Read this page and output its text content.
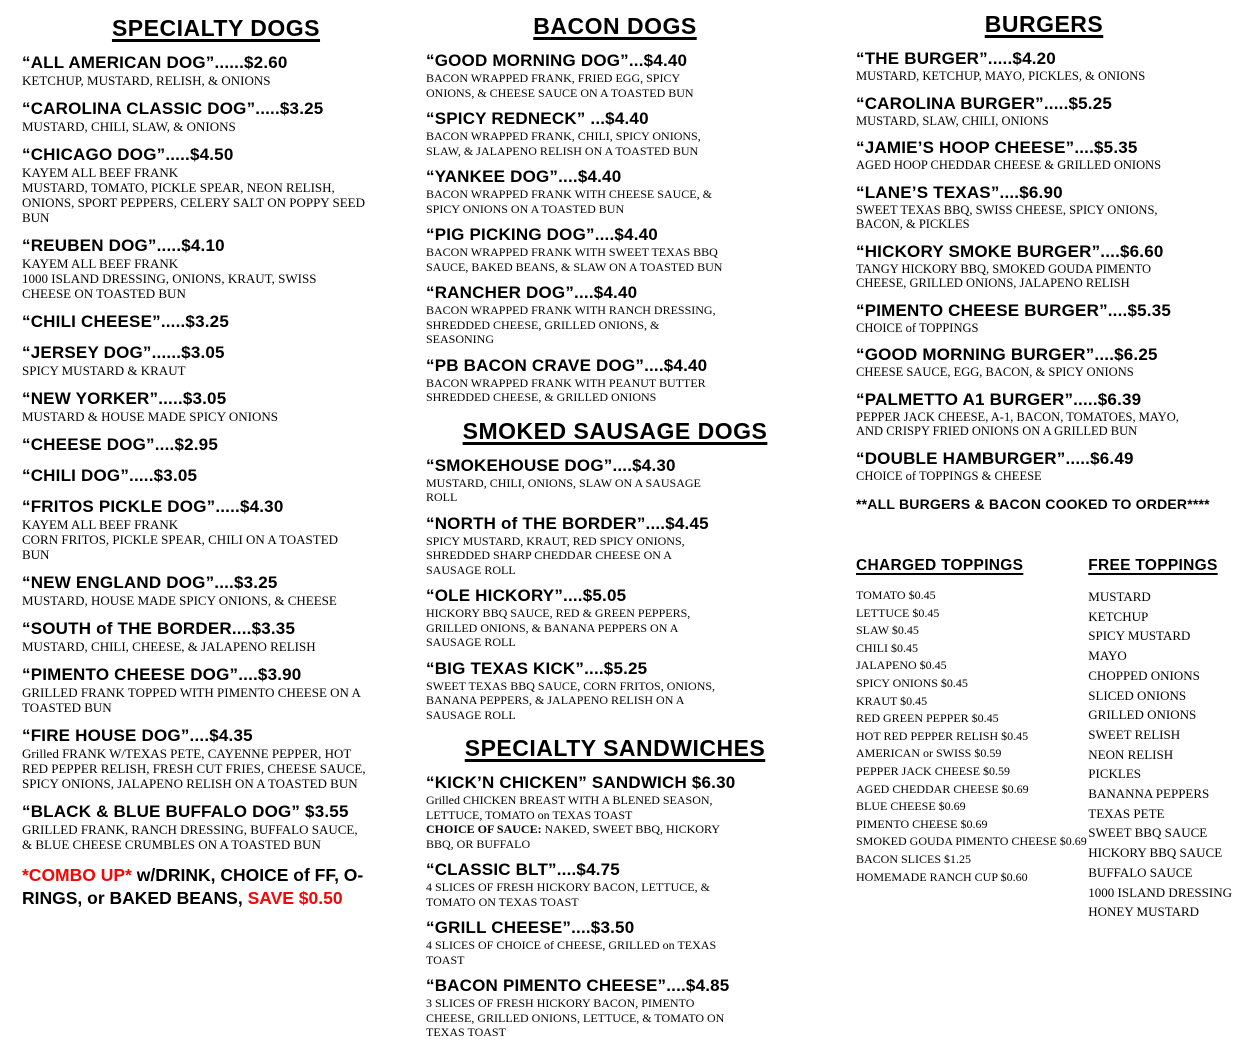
SPECIALTY DOGS
“ALL AMERICAN DOG”......$2.60
KETCHUP, MUSTARD, RELISH, & ONIONS
“CAROLINA CLASSIC DOG”.....$3.25
MUSTARD, CHILI, SLAW, & ONIONS
“CHICAGO DOG”.....$4.50
KAYEM ALL BEEF FRANK
MUSTARD, TOMATO, PICKLE SPEAR, NEON RELISH, ONIONS, SPORT PEPPERS, CELERY SALT ON POPPY SEED BUN
“REUBEN DOG”.....$4.10
KAYEM ALL BEEF FRANK
1000 ISLAND DRESSING, ONIONS, KRAUT, SWISS CHEESE ON TOASTED BUN
“CHILI CHEESE”.....$3.25
“JERSEY DOG”......$3.05
SPICY MUSTARD & KRAUT
“NEW YORKER”.....$3.05
MUSTARD & HOUSE MADE SPICY ONIONS
“CHEESE DOG”....$2.95
“CHILI DOG”.....$3.05
“FRITOS PICKLE DOG”.....$4.30
KAYEM ALL BEEF FRANK
CORN FRITOS, PICKLE SPEAR, CHILI ON A TOASTED BUN
“NEW ENGLAND DOG”....$3.25
MUSTARD, HOUSE MADE SPICY ONIONS, & CHEESE
“SOUTH of THE BORDER....$3.35
MUSTARD, CHILI, CHEESE, & JALAPENO RELISH
“PIMENTO CHEESE DOG”....$3.90
GRILLED FRANK TOPPED WITH PIMENTO CHEESE ON A TOASTED BUN
“FIRE HOUSE DOG”....$4.35
Grilled FRANK W/TEXAS PETE, CAYENNE PEPPER, HOT RED PEPPER RELISH, FRESH CUT FRIES, CHEESE SAUCE, SPICY ONIONS, JALAPENO RELISH ON A TOASTED BUN
“BLACK & BLUE BUFFALO DOG” $3.55
GRILLED FRANK, RANCH DRESSING, BUFFALO SAUCE, & BLUE CHEESE CRUMBLES ON A TOASTED BUN
*COMBO UP* w/DRINK, CHOICE of FF, O-RINGS, or BAKED BEANS, SAVE $0.50
BACON DOGS
“GOOD MORNING DOG”...$4.40
BACON WRAPPED FRANK, FRIED EGG, SPICY ONIONS, & CHEESE SAUCE ON A TOASTED BUN
“SPICY REDNECK” ...$4.40
BACON WRAPPED FRANK, CHILI, SPICY ONIONS, SLAW, & JALAPENO RELISH ON A TOASTED BUN
“YANKEE DOG”....$4.40
BACON WRAPPED FRANK WITH CHEESE SAUCE, & SPICY ONIONS ON A TOASTED BUN
“PIG PICKING DOG”....$4.40
BACON WRAPPED FRANK WITH SWEET TEXAS BBQ SAUCE, BAKED BEANS, & SLAW ON A TOASTED BUN
“RANCHER DOG”....$4.40
BACON WRAPPED FRANK WITH RANCH DRESSING, SHREDDED CHEESE, GRILLED ONIONS, & SEASONING
“PB BACON CRAVE DOG”....$4.40
BACON WRAPPED FRANK WITH PEANUT BUTTER SHREDDED CHEESE, & GRILLED ONIONS
SMOKED SAUSAGE DOGS
“SMOKEHOUSE DOG”....$4.30
MUSTARD, CHILI, ONIONS, SLAW ON A SAUSAGE ROLL
“NORTH of THE BORDER”....$4.45
SPICY MUSTARD, KRAUT, RED SPICY ONIONS, SHREDDED SHARP CHEDDAR CHEESE ON A SAUSAGE ROLL
“OLE HICKORY”....$5.05
HICKORY BBQ SAUCE, RED & GREEN PEPPERS, GRILLED ONIONS, & BANANA PEPPERS ON A SAUSAGE ROLL
“BIG TEXAS KICK”....$5.25
SWEET TEXAS BBQ SAUCE, CORN FRITOS, ONIONS, BANANA PEPPERS, & JALAPENO RELISH ON A SAUSAGE ROLL
SPECIALTY SANDWICHES
“KICK’N CHICKEN” SANDWICH $6.30
Grilled CHICKEN BREAST WITH A BLENED SEASON, LETTUCE, TOMATO on TEXAS TOAST
CHOICE OF SAUCE: NAKED, SWEET BBQ, HICKORY BBQ, OR BUFFALO
“CLASSIC BLT”....$4.75
4 SLICES OF FRESH HICKORY BACON, LETTUCE, & TOMATO ON TEXAS TOAST
“GRILL CHEESE”....$3.50
4 SLICES OF CHOICE of CHEESE, GRILLED on TEXAS TOAST
“BACON PIMENTO CHEESE”....$4.85
3 SLICES OF FRESH HICKORY BACON, PIMENTO CHEESE, GRILLED ONIONS, LETTUCE, & TOMATO ON TEXAS TOAST
BURGERS
“THE BURGER”.....$4.20
MUSTARD, KETCHUP, MAYO, PICKLES, & ONIONS
“CAROLINA BURGER”.....$5.25
MUSTARD, SLAW, CHILI, ONIONS
“JAMIE’S HOOP CHEESE”....$5.35
AGED HOOP CHEDDAR CHEESE & GRILLED ONIONS
“LANE’S TEXAS”....$6.90
SWEET TEXAS BBQ, SWISS CHEESE, SPICY ONIONS, BACON, & PICKLES
“HICKORY SMOKE BURGER”....$6.60
TANGY HICKORY BBQ, SMOKED GOUDA PIMENTO CHEESE, GRILLED ONIONS, JALAPENO RELISH
“PIMENTO CHEESE BURGER”....$5.35
CHOICE of TOPPINGS
“GOOD MORNING BURGER”....$6.25
CHEESE SAUCE, EGG, BACON, & SPICY ONIONS
“PALMETTO A1 BURGER”.....$6.39
PEPPER JACK CHEESE, A-1, BACON, TOMATOES, MAYO, AND CRISPY FRIED ONIONS ON A GRILLED BUN
“DOUBLE HAMBURGER”.....$6.49
CHOICE of TOPPINGS & CHEESE
**ALL BURGERS & BACON COOKED TO ORDER****
CHARGED TOPPINGS
TOMATO $0.45
LETTUCE $0.45
SLAW $0.45
CHILI $0.45
JALAPENO $0.45
SPICY ONIONS $0.45
KRAUT $0.45
RED GREEN PEPPER $0.45
HOT RED PEPPER RELISH $0.45
AMERICAN or SWISS $0.59
PEPPER JACK CHEESE $0.59
AGED CHEDDAR CHEESE $0.69
BLUE CHEESE $0.69
PIMENTO CHEESE $0.69
SMOKED GOUDA PIMENTO CHEESE $0.69
BACON SLICES $1.25
HOMEMADE RANCH CUP $0.60
FREE TOPPINGS
MUSTARD
KETCHUP
SPICY MUSTARD
MAYO
CHOPPED ONIONS
SLICED ONIONS
GRILLED ONIONS
SWEET RELISH
NEON RELISH
PICKLES
BANANNA PEPPERS
TEXAS PETE
SWEET BBQ SAUCE
HICKORY BBQ SAUCE
BUFFALO SAUCE
1000 ISLAND DRESSING
HONEY MUSTARD
